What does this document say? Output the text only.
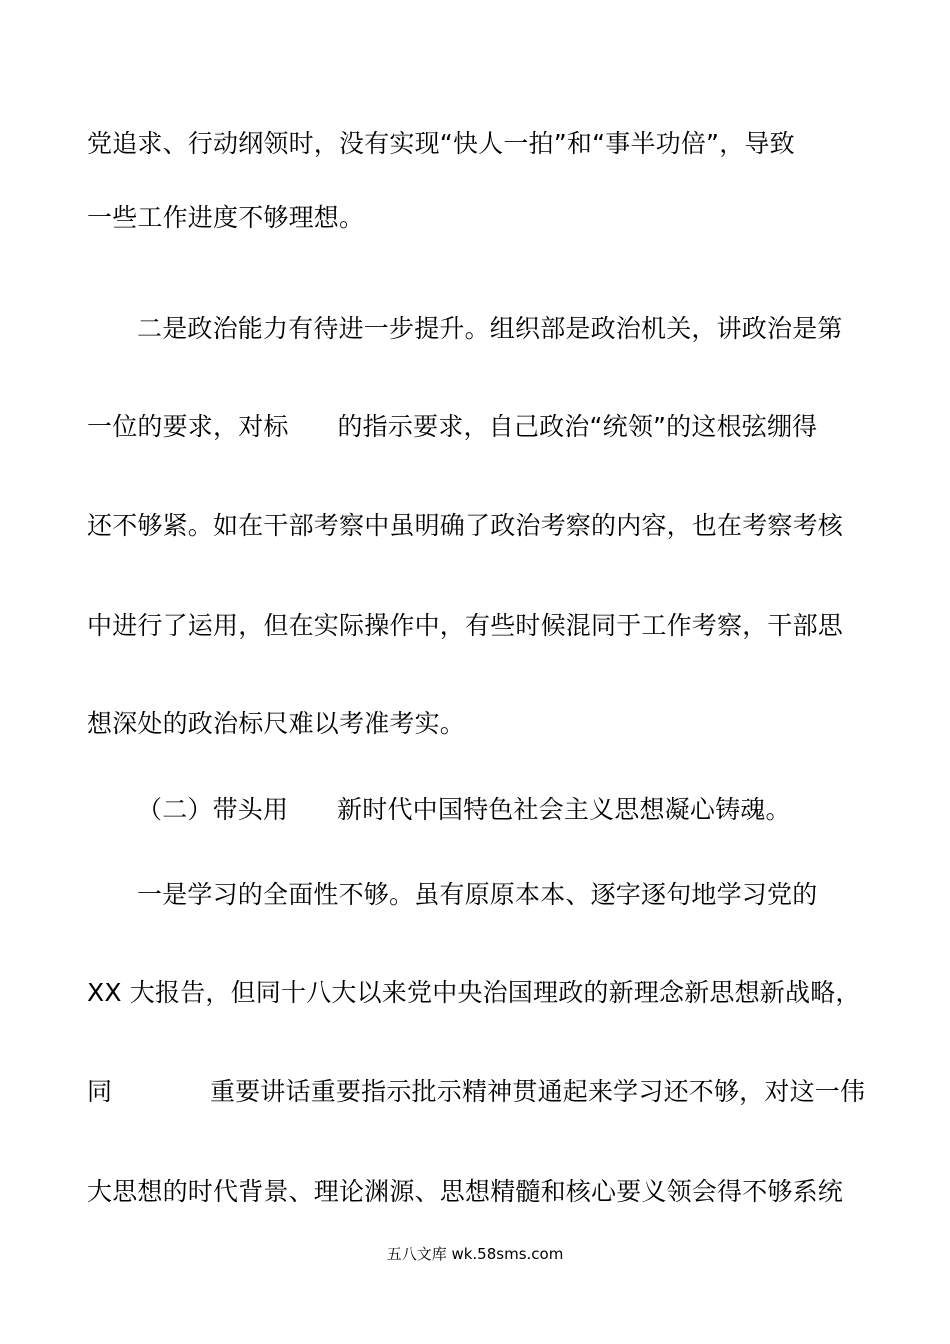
党追求、行动纲领时，没有实现“快人一拍”和“事半功倍”，导致
一些工作进度不够理想。
二是政治能力有待进一步提升。组织部是政治机关，讲政治是第
一位的要求，对标      的指示要求，自己政治“统领”的这根弦绷得
还不够紧。如在干部考察中虽明确了政治考察的内容，也在考察考核
中进行了运用，但在实际操作中，有些时候混同于工作考察，干部思
想深处的政治标尺难以考准考实。
（二）带头用      新时代中国特色社会主义思想凝心铸魂。
一是学习的全面性不够。虽有原原本本、逐字逐句地学习党的
XX 大报告，但同十八大以来党中央治国理政的新理念新思想新战略，
同            重要讲话重要指示批示精神贯通起来学习还不够，对这一伟
大思想的时代背景、理论渊源、思想精髓和核心要义领会得不够系统
五八文库 wk.58sms.com
